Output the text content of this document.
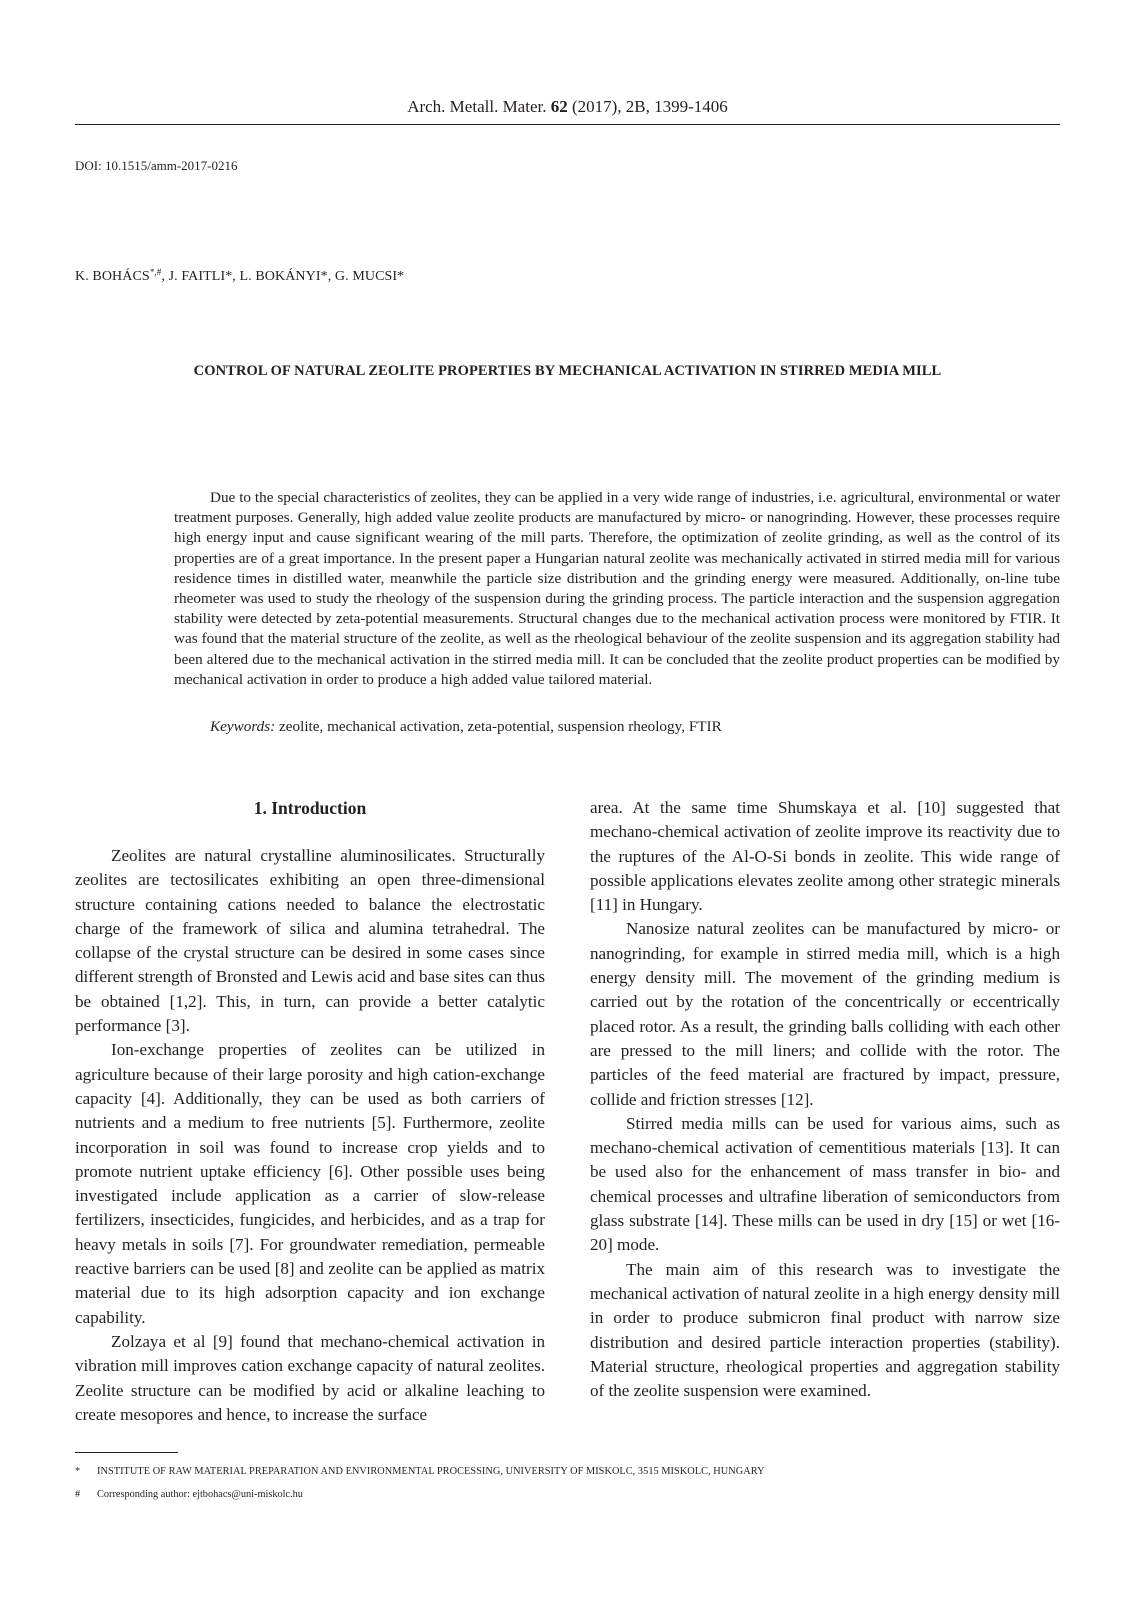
Arch. Metall. Mater. 62 (2017), 2B, 1399-1406
DOI: 10.1515/amm-2017-0216
K. BOHÁCS*,#, J. FAITLI*, L. BOKÁNYI*, G. MUCSI*
CONTROL OF NATURAL ZEOLITE PROPERTIES BY MECHANICAL ACTIVATION IN STIRRED MEDIA MILL

Due to the special characteristics of zeolites, they can be applied in a very wide range of industries, i.e. agricultural, environmental or water treatment purposes. Generally, high added value zeolite products are manufactured by micro- or nanogrinding. However, these processes require high energy input and cause significant wearing of the mill parts. Therefore, the optimization of zeolite grinding, as well as the control of its properties are of a great importance. In the present paper a Hungarian natural zeolite was mechanically activated in stirred media mill for various residence times in distilled water, meanwhile the particle size distribution and the grinding energy were measured. Additionally, on-line tube rheometer was used to study the rheology of the suspension during the grinding process. The particle interaction and the suspension aggregation stability were detected by zeta-potential measurements. Structural changes due to the mechanical activation process were monitored by FTIR. It was found that the material structure of the zeolite, as well as the rheological behaviour of the zeolite suspension and its aggregation stability had been altered due to the mechanical activation in the stirred media mill. It can be concluded that the zeolite product properties can be modified by mechanical activation in order to produce a high added value tailored material.

Keywords: zeolite, mechanical activation, zeta-potential, suspension rheology, FTIR

1. Introduction

Zeolites are natural crystalline aluminosilicates. Structurally zeolites are tectosilicates exhibiting an open three-dimensional structure containing cations needed to balance the electrostatic charge of the framework of silica and alumina tetrahedral. The collapse of the crystal structure can be desired in some cases since different strength of Bronsted and Lewis acid and base sites can thus be obtained [1,2]. This, in turn, can provide a better catalytic performance [3].

Ion-exchange properties of zeolites can be utilized in agriculture because of their large porosity and high cation-exchange capacity [4]. Additionally, they can be used as both carriers of nutrients and a medium to free nutrients [5]. Furthermore, zeolite incorporation in soil was found to increase crop yields and to promote nutrient uptake efficiency [6]. Other possible uses being investigated include application as a carrier of slow-release fertilizers, insecticides, fungicides, and herbicides, and as a trap for heavy metals in soils [7]. For groundwater remediation, permeable reactive barriers can be used [8] and zeolite can be applied as matrix material due to its high adsorption capacity and ion exchange capability.

Zolzaya et al [9] found that mechano-chemical activation in vibration mill improves cation exchange capacity of natural zeolites. Zeolite structure can be modified by acid or alkaline leaching to create mesopores and hence, to increase the surface

area. At the same time Shumskaya et al. [10] suggested that mechano-chemical activation of zeolite improve its reactivity due to the ruptures of the Al-O-Si bonds in zeolite. This wide range of possible applications elevates zeolite among other strategic minerals [11] in Hungary.

Nanosize natural zeolites can be manufactured by micro- or nanogrinding, for example in stirred media mill, which is a high energy density mill. The movement of the grinding medium is carried out by the rotation of the concentrically or eccentrically placed rotor. As a result, the grinding balls colliding with each other are pressed to the mill liners; and collide with the rotor. The particles of the feed material are fractured by impact, pressure, collide and friction stresses [12].

Stirred media mills can be used for various aims, such as mechano-chemical activation of cementitious materials [13]. It can be used also for the enhancement of mass transfer in bio- and chemical processes and ultrafine liberation of semiconductors from glass substrate [14]. These mills can be used in dry [15] or wet [16-20] mode.

The main aim of this research was to investigate the mechanical activation of natural zeolite in a high energy density mill in order to produce submicron final product with narrow size distribution and desired particle interaction properties (stability). Material structure, rheological properties and aggregation stability of the zeolite suspension were examined.

* INSTITUTE OF RAW MATERIAL PREPARATION AND ENVIRONMENTAL PROCESSING, UNIVERSITY OF MISKOLC, 3515 MISKOLC, HUNGARY
# Corresponding author: ejtbohacs@uni-miskolc.hu
